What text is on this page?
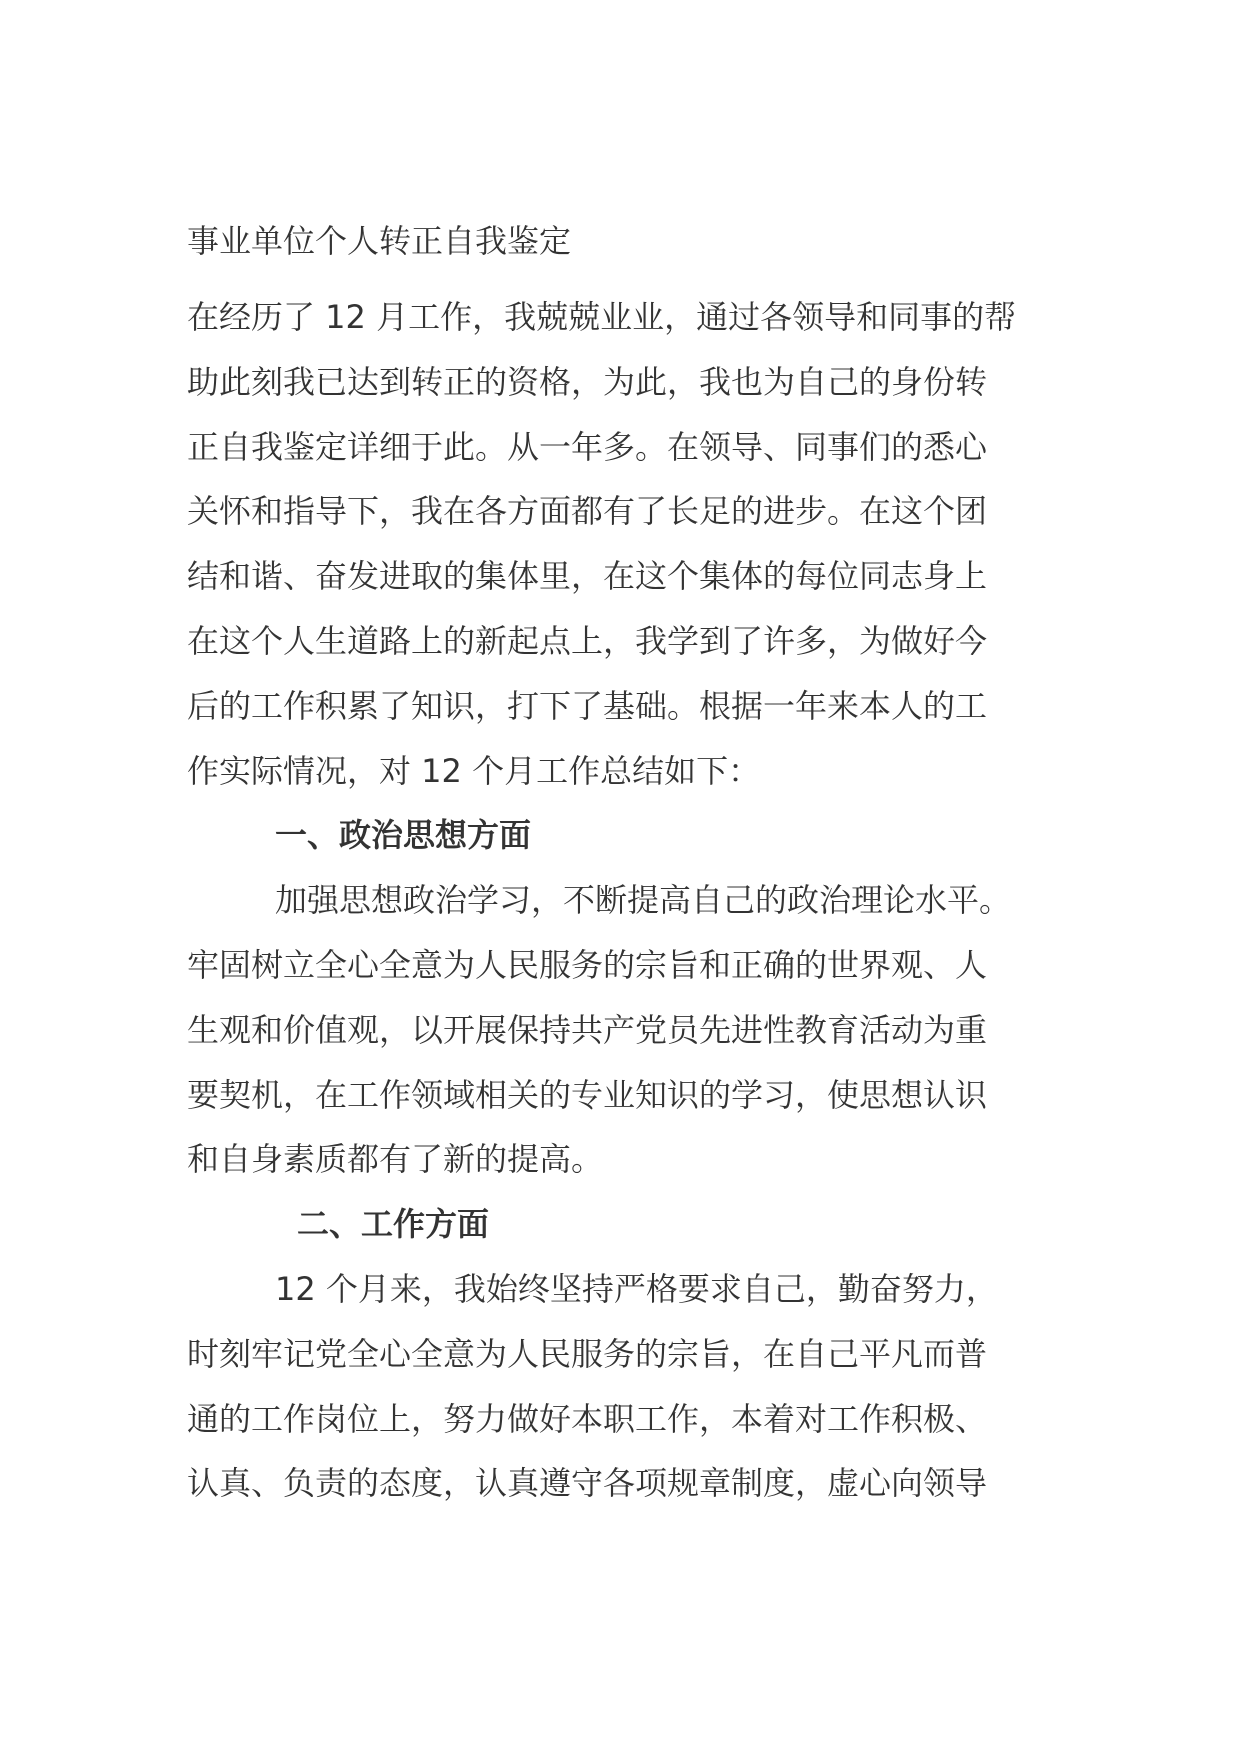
事业单位个人转正自我鉴定
在经历了 12 月工作，我兢兢业业，通过各领导和同事的帮
助此刻我已达到转正的资格，为此，我也为自己的身份转
正自我鉴定详细于此。从一年多。在领导、同事们的悉心
关怀和指导下，我在各方面都有了长足的进步。在这个团
结和谐、奋发进取的集体里，在这个集体的每位同志身上
在这个人生道路上的新起点上，我学到了许多，为做好今
后的工作积累了知识，打下了基础。根据一年来本人的工
作实际情况，对 12 个月工作总结如下：
一、政治思想方面
加强思想政治学习，不断提高自己的政治理论水平。
牢固树立全心全意为人民服务的宗旨和正确的世界观、人
生观和价值观，以开展保持共产党员先进性教育活动为重
要契机，在工作领域相关的专业知识的学习，使思想认识
和自身素质都有了新的提高。
二、工作方面
12 个月来，我始终坚持严格要求自己，勤奋努力，
时刻牢记党全心全意为人民服务的宗旨，在自己平凡而普
通的工作岗位上，努力做好本职工作，本着对工作积极、
认真、负责的态度，认真遵守各项规章制度，虚心向领导
